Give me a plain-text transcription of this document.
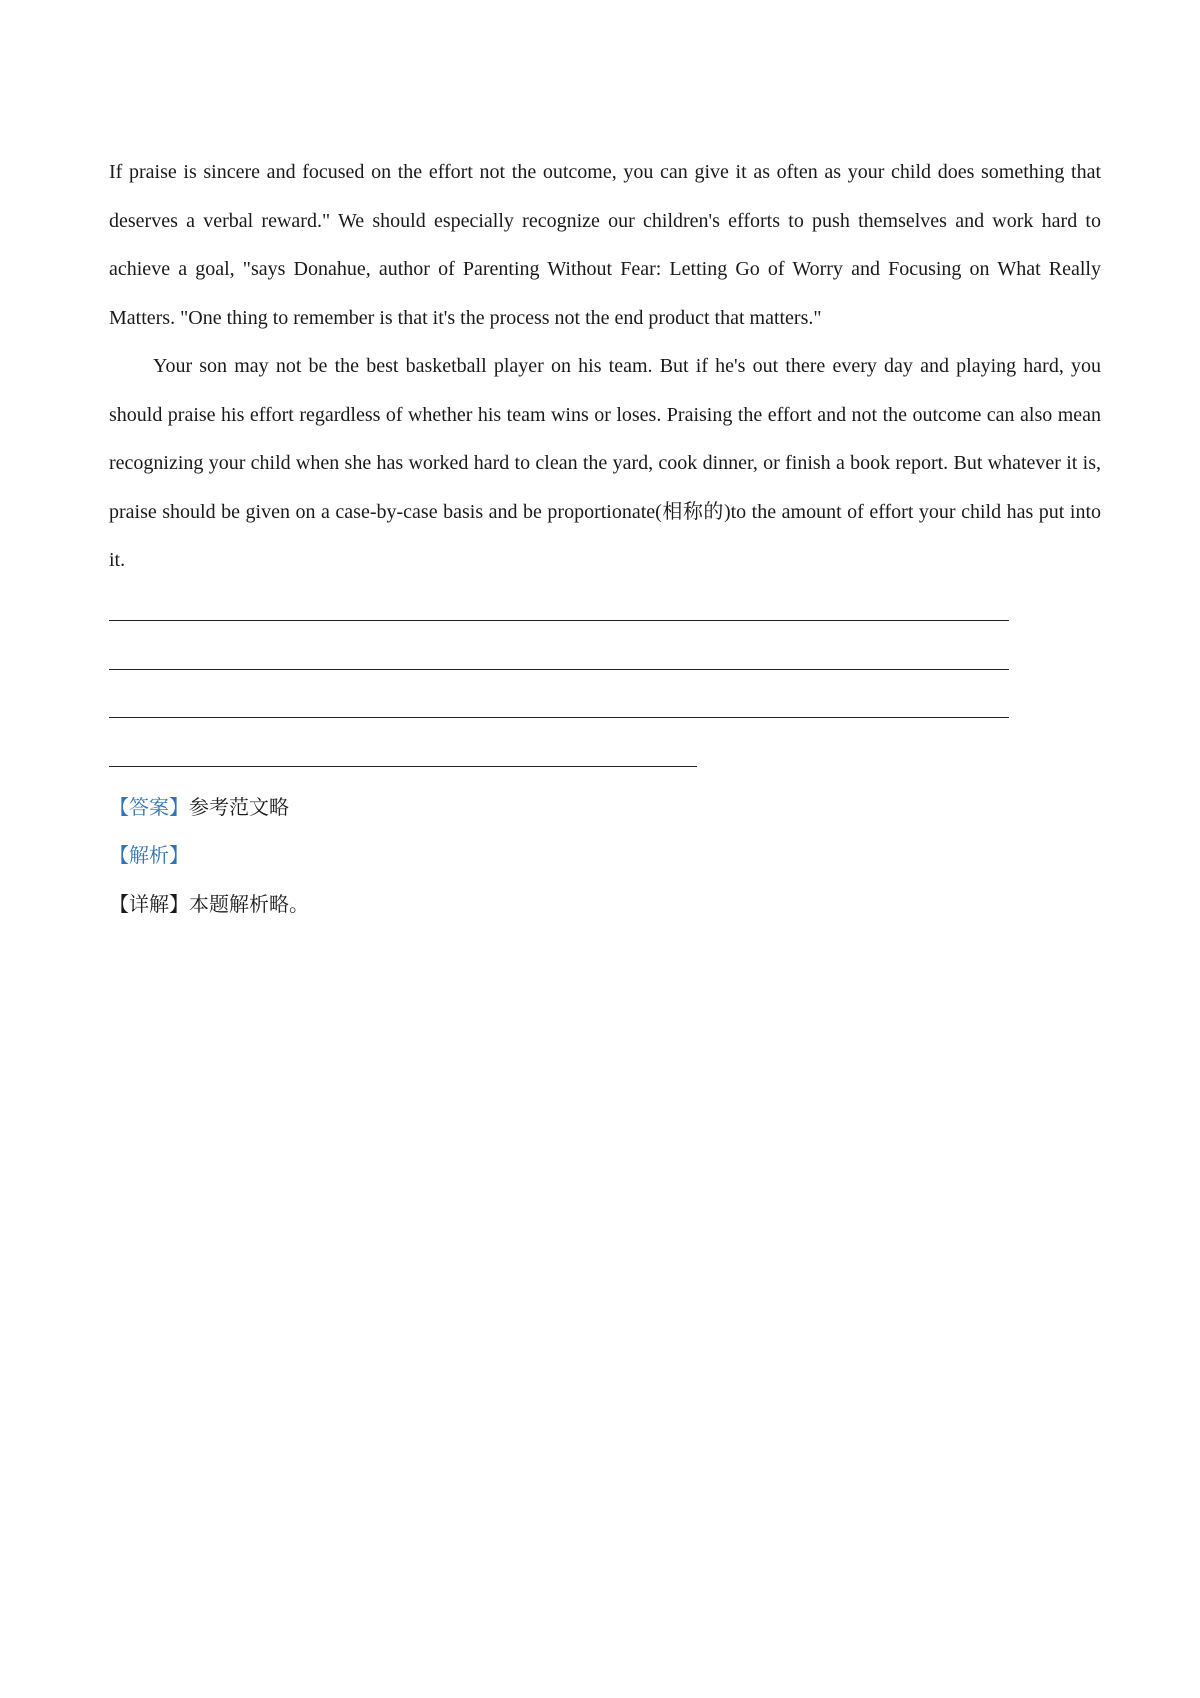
If praise is sincere and focused on the effort not the outcome, you can give it as often as your child does something that deserves a verbal reward." We should especially recognize our children's efforts to push themselves and work hard to achieve a goal, "says Donahue, author of Parenting Without Fear: Letting Go of Worry and Focusing on What Really Matters. "One thing to remember is that it's the process not the end product that matters."

Your son may not be the best basketball player on his team. But if he's out there every day and playing hard, you should praise his effort regardless of whether his team wins or loses. Praising the effort and not the outcome can also mean recognizing your child when she has worked hard to clean the yard, cook dinner, or finish a book report. But whatever it is, praise should be given on a case-by-case basis and be proportionate(相称的)to the amount of effort your child has put into it.

【答案】参考范文略

【解析】

【详解】本题解析略。
